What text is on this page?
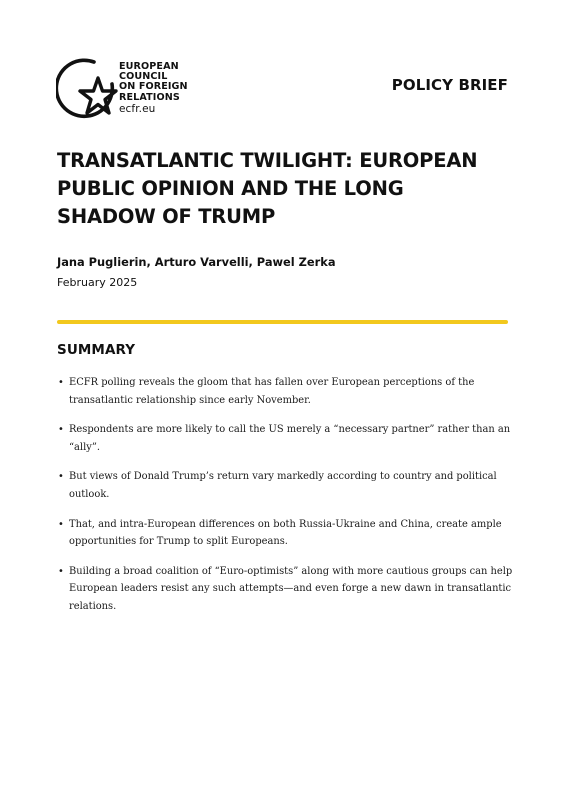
EUROPEAN
COUNCIL
ON FOREIGN
RELATIONS
ecfr.eu
POLICY BRIEF
TRANSATLANTIC TWILIGHT: EUROPEAN
PUBLIC OPINION AND THE LONG
SHADOW OF TRUMP
Jana Puglierin, Arturo Varvelli, Pawel Zerka
February 2025
SUMMARY
• ECFR polling reveals the gloom that has fallen over European perceptions of the
transatlantic relationship since early November.
• Respondents are more likely to call the US merely a “necessary partner” rather than an
“ally”.
• But views of Donald Trump’s return vary markedly according to country and political
outlook.
• That, and intra-European differences on both Russia-Ukraine and China, create ample
opportunities for Trump to split Europeans.
• Building a broad coalition of “Euro-optimists” along with more cautious groups can help
European leaders resist any such attempts—and even forge a new dawn in transatlantic
relations.
